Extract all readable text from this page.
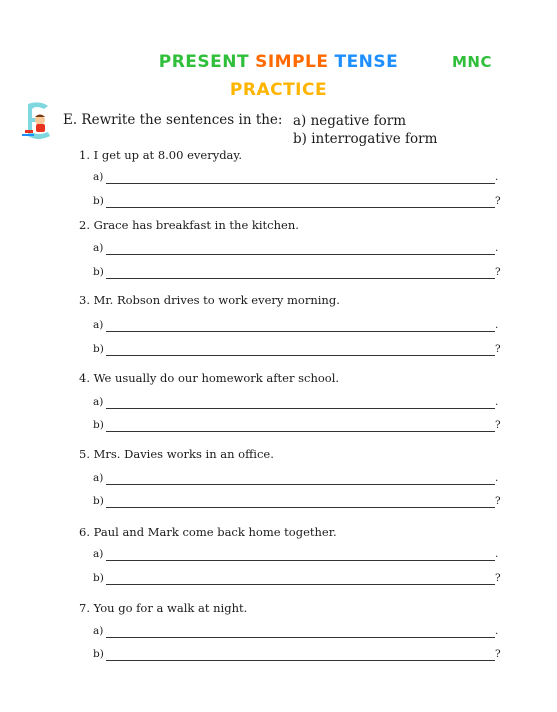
PRESENT SIMPLE TENSE
PRACTICE
MNC
E. Rewrite the sentences in the: a) negative form
b) interrogative form
1. I get up at 8.00 everyday.
a)	.
b)	?
2. Grace has breakfast in the kitchen.
a)	.
b)	?
3. Mr. Robson drives to work every morning.
a)	.
b)	?
4. We usually do our homework after school.
a)	.
b)	?
5. Mrs. Davies works in an office.
a)	.
b)	?
6. Paul and Mark come back home together.
a)	.
b)	?
7. You go for a walk at night.
a)	.
b)	?
